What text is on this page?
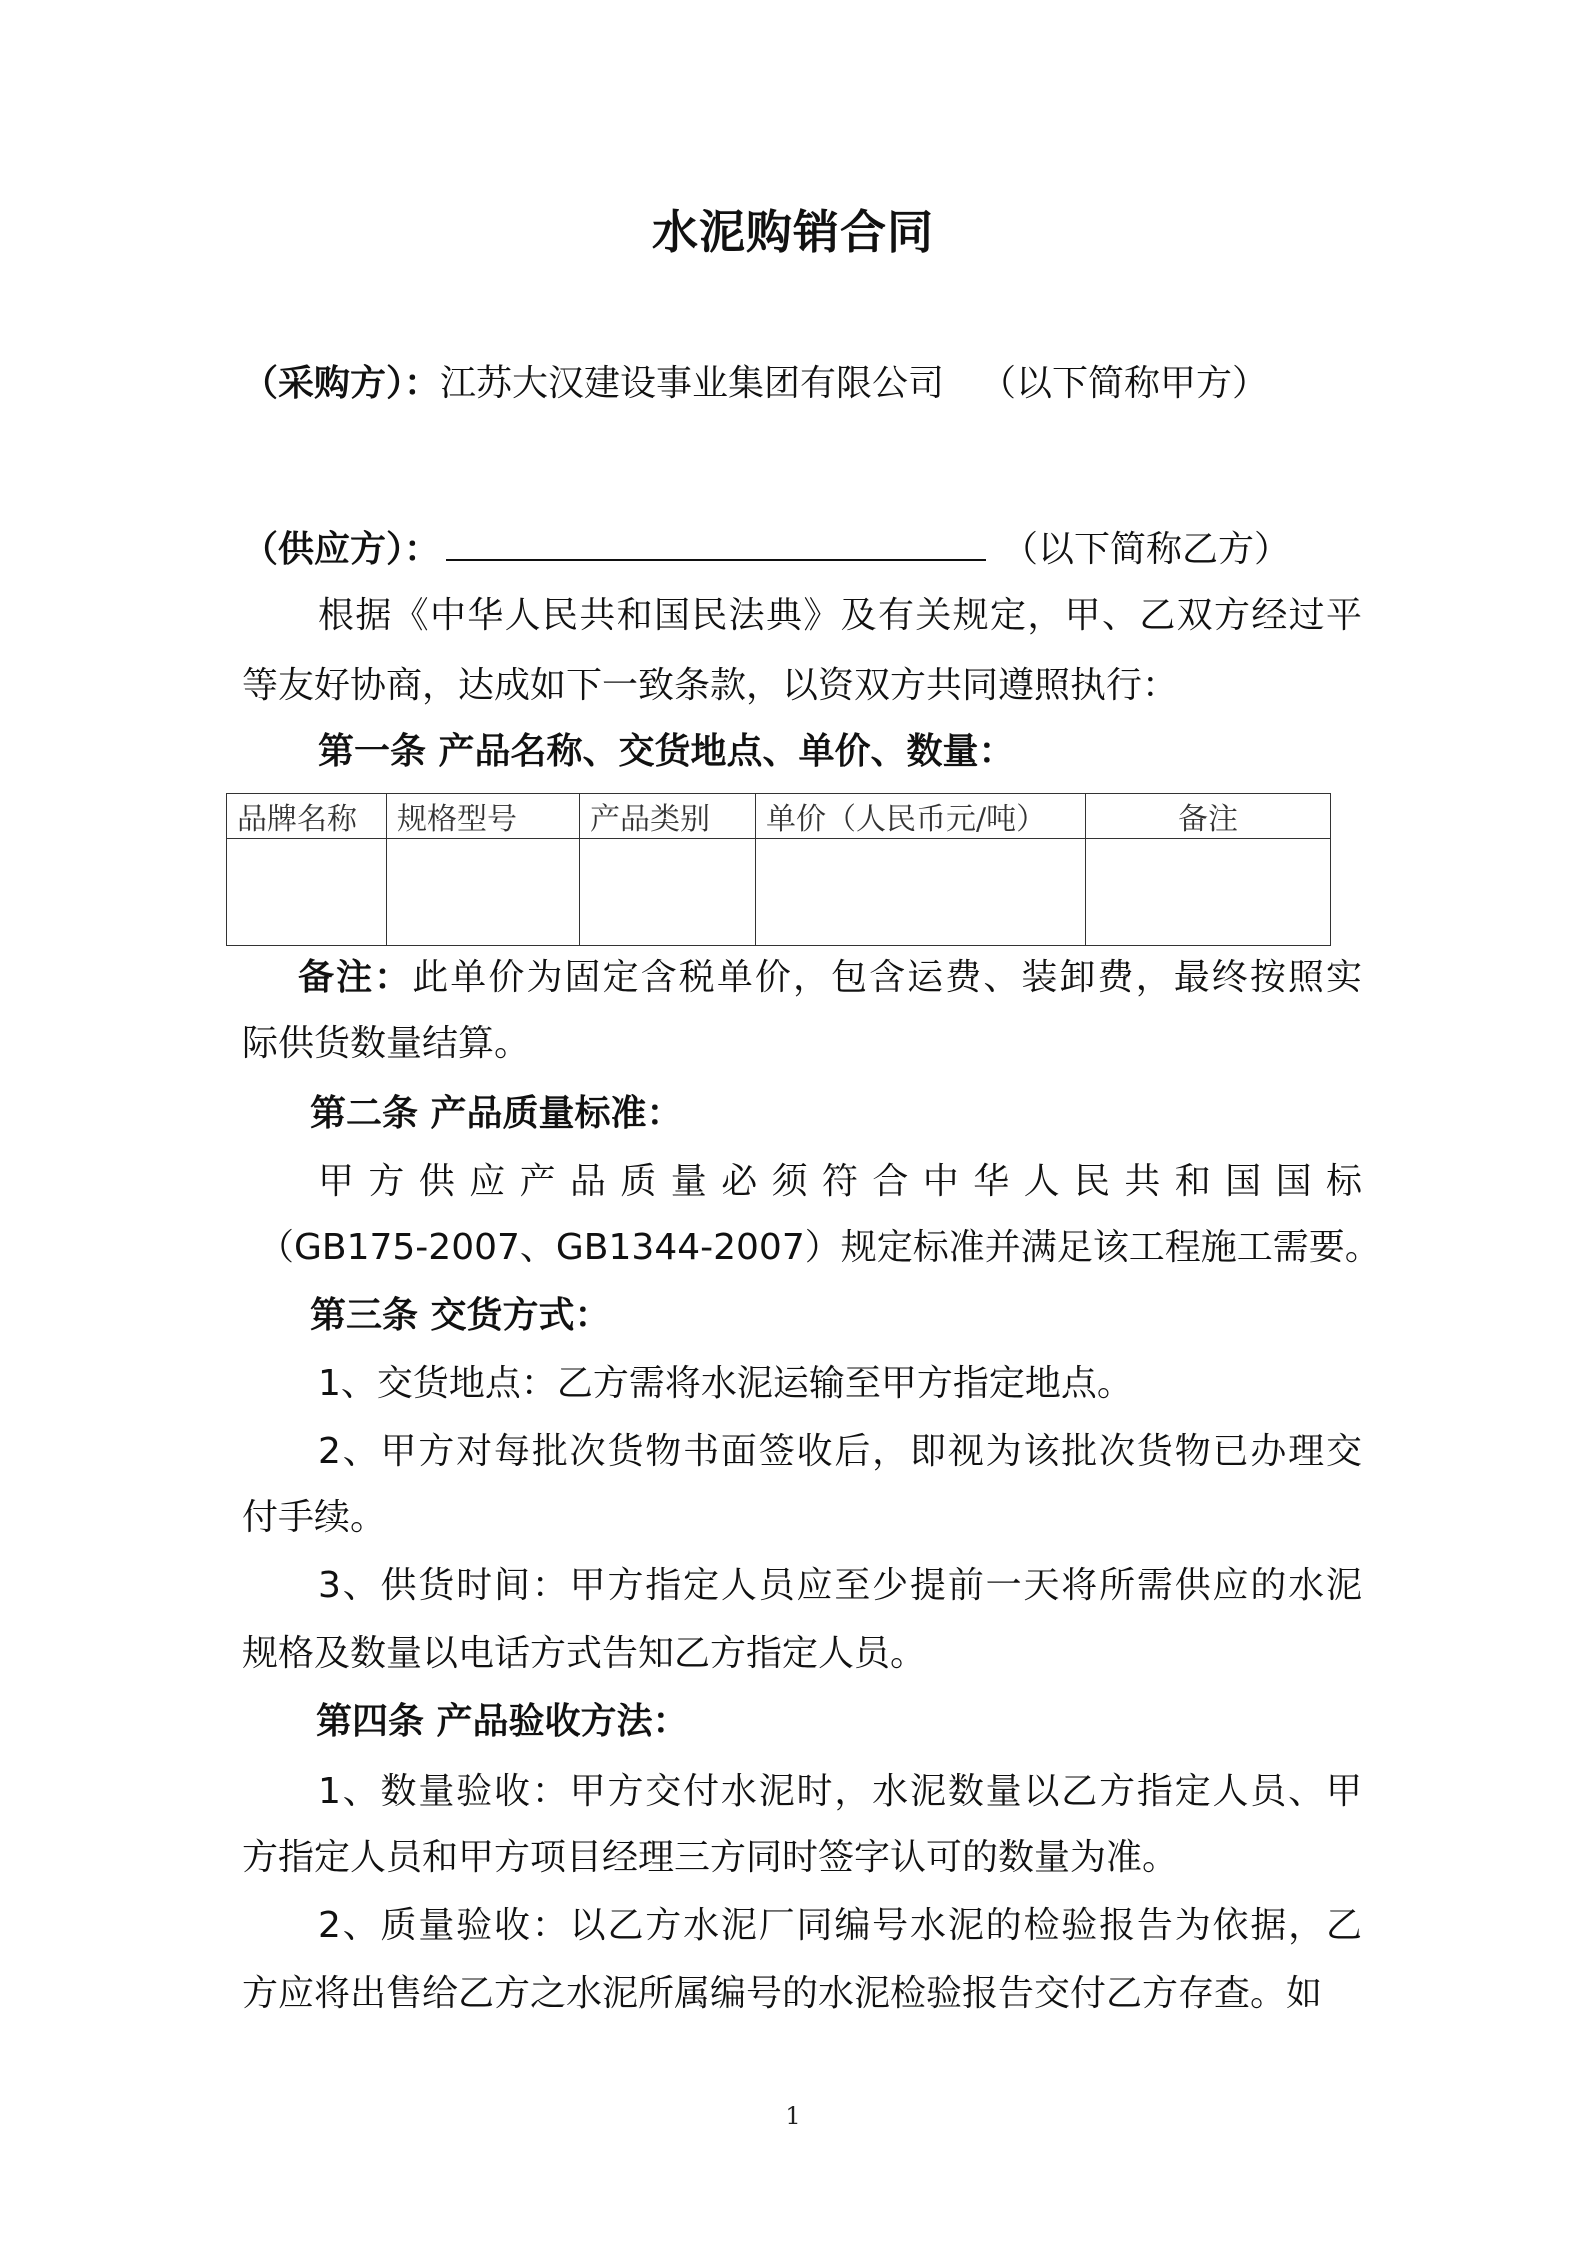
水泥购销合同
（采购方）：江苏大汉建设事业集团有限公司 （以下简称甲方）
（供应方）：	（以下简称乙方）
根据《中华人民共和国民法典》及有关规定，甲、乙双方经过平
等友好协商，达成如下一致条款，以资双方共同遵照执行：
第一条 产品名称、交货地点、单价、数量：
品牌名称	规格型号	产品类别	单价（人民币元/吨）	备注

备注：此单价为固定含税单价，包含运费、装卸费，最终按照实
际供货数量结算。
第二条 产品质量标准：
甲方供应产品质量必须符合中华人民共和国国标
（GB175-2007、GB1344-2007）规定标准并满足该工程施工需要。
第三条 交货方式：
1、交货地点：乙方需将水泥运输至甲方指定地点。
2、甲方对每批次货物书面签收后，即视为该批次货物已办理交
付手续。
3、供货时间：甲方指定人员应至少提前一天将所需供应的水泥
规格及数量以电话方式告知乙方指定人员。
第四条 产品验收方法：
1、数量验收：甲方交付水泥时，水泥数量以乙方指定人员、甲
方指定人员和甲方项目经理三方同时签字认可的数量为准。
2、质量验收：以乙方水泥厂同编号水泥的检验报告为依据，乙
方应将出售给乙方之水泥所属编号的水泥检验报告交付乙方存查。如
1
